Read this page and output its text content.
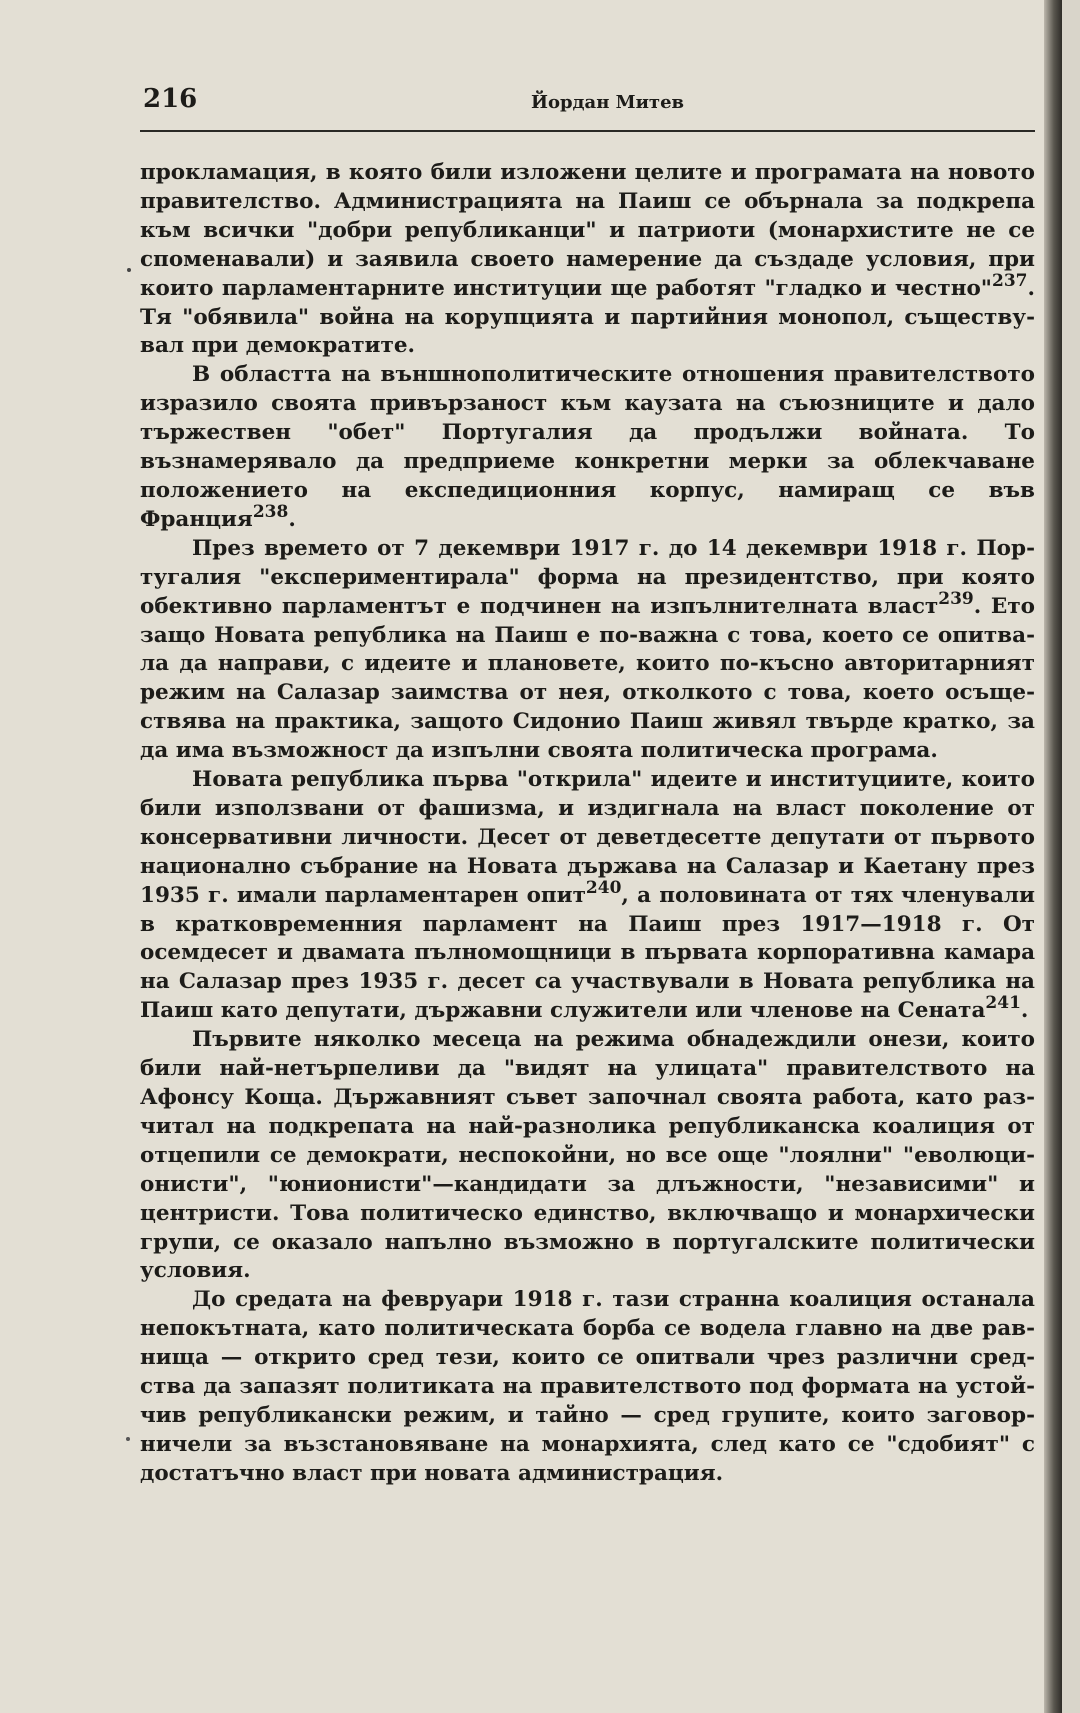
216	Йордан Митев

прокламация, в която били изложени целите и програмата на новото правителство. Администрацията на Паиш се обърнала за подкрепа към всички "добри републиканци" и патриоти (монархистите не се споменавали) и заявила своето намерение да създаде условия, при които парламентарните институции ще работят "гладко и честно"$^{237}$. Тя "обявила" война на корупцията и партийния монопол, съществувал при демократите.

В областта на външнополитическите отношения правителството изразило своята привързаност към каузата на съюзниците и дало тържествен "обет" Португалия да продължи войната. То възнамерявало да предприеме конкретни мерки за облекчаване положението на експедиционния корпус, намиращ се във Франция$^{238}$.

През времето от 7 декември 1917 г. до 14 декември 1918 г. Португалия "експериментирала" форма на президентство, при която обективно парламентът е подчинен на изпълнителната власт$^{239}$. Ето защо Новата република на Паиш е по-важна с това, което се опитвала да направи, с идеите и плановете, които по-късно авторитарният режим на Салазар заимства от нея, отколкото с това, което осъществява на практика, защото Сидонио Паиш живял твърде кратко, за да има възможност да изпълни своята политическа програма.

Новата република първа "открила" идеите и институциите, които били използвани от фашизма, и издигнала на власт поколение от консервативни личности. Десет от деветдесетте депутати от първото национално събрание на Новата държава на Салазар и Каетану през 1935 г. имали парламентарен опит$^{240}$, а половината от тях членували в кратковременния парламент на Паиш през 1917—1918 г. От осемдесет и двамата пълномощници в първата корпоративна камара на Салазар през 1935 г. десет са участвували в Новата република на Паиш като депутати, държавни служители или членове на Сената$^{241}$.

Първите няколко месеца на режима обнадеждили онези, които били най-нетърпеливи да "видят на улицата" правителството на Афонсу Коща. Държавният съвет започнал своята работа, като разчитал на подкрепата на най-разнолика републиканска коалиция от отцепили се демократи, неспокойни, но все още "лоялни" "еволюционисти", "юнионисти"—кандидати за длъжности, "независими" и центристи. Това политическо единство, включващо и монархически групи, се оказало напълно възможно в португалските политически условия.

До средата на февруари 1918 г. тази странна коалиция останала непокътната, като политическата борба се водела главно на две равнища — открито сред тези, които се опитвали чрез различни средства да запазят политиката на правителството под формата на устойчив републикански режим, и тайно — сред групите, които заговорничели за възстановяване на монархията, след като се "сдобият" с достатъчно власт при новата администрация.
